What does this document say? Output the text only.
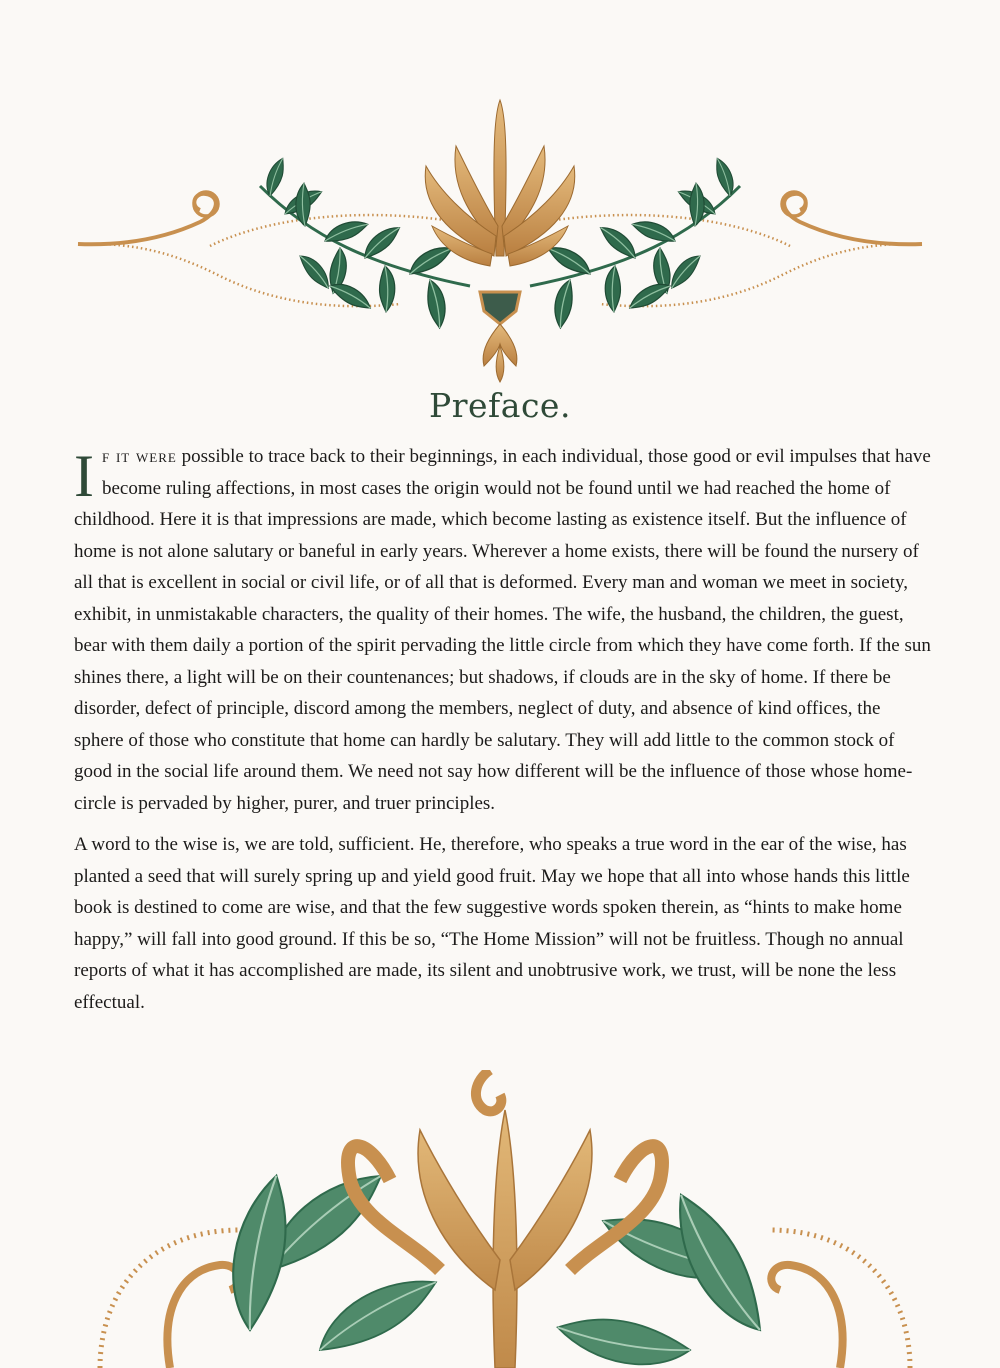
Preface.

If it were possible to trace back to their beginnings, in each individual, those good or evil impulses that have become ruling affections, in most cases the origin would not be found until we had reached the home of childhood. Here it is that impressions are made, which become lasting as existence itself. But the influence of home is not alone salutary or baneful in early years. Wherever a home exists, there will be found the nursery of all that is excellent in social or civil life, or of all that is deformed. Every man and woman we meet in society, exhibit, in unmistakable characters, the quality of their homes. The wife, the husband, the children, the guest, bear with them daily a portion of the spirit pervading the little circle from which they have come forth. If the sun shines there, a light will be on their countenances; but shadows, if clouds are in the sky of home. If there be disorder, defect of principle, discord among the members, neglect of duty, and absence of kind offices, the sphere of those who constitute that home can hardly be salutary. They will add little to the common stock of good in the social life around them. We need not say how different will be the influence of those whose home-circle is pervaded by higher, purer, and truer principles.

A word to the wise is, we are told, sufficient. He, therefore, who speaks a true word in the ear of the wise, has planted a seed that will surely spring up and yield good fruit. May we hope that all into whose hands this little book is destined to come are wise, and that the few suggestive words spoken therein, as “hints to make home happy,” will fall into good ground. If this be so, “The Home Mission” will not be fruitless. Though no annual reports of what it has accomplished are made, its silent and unobtrusive work, we trust, will be none the less effectual.
